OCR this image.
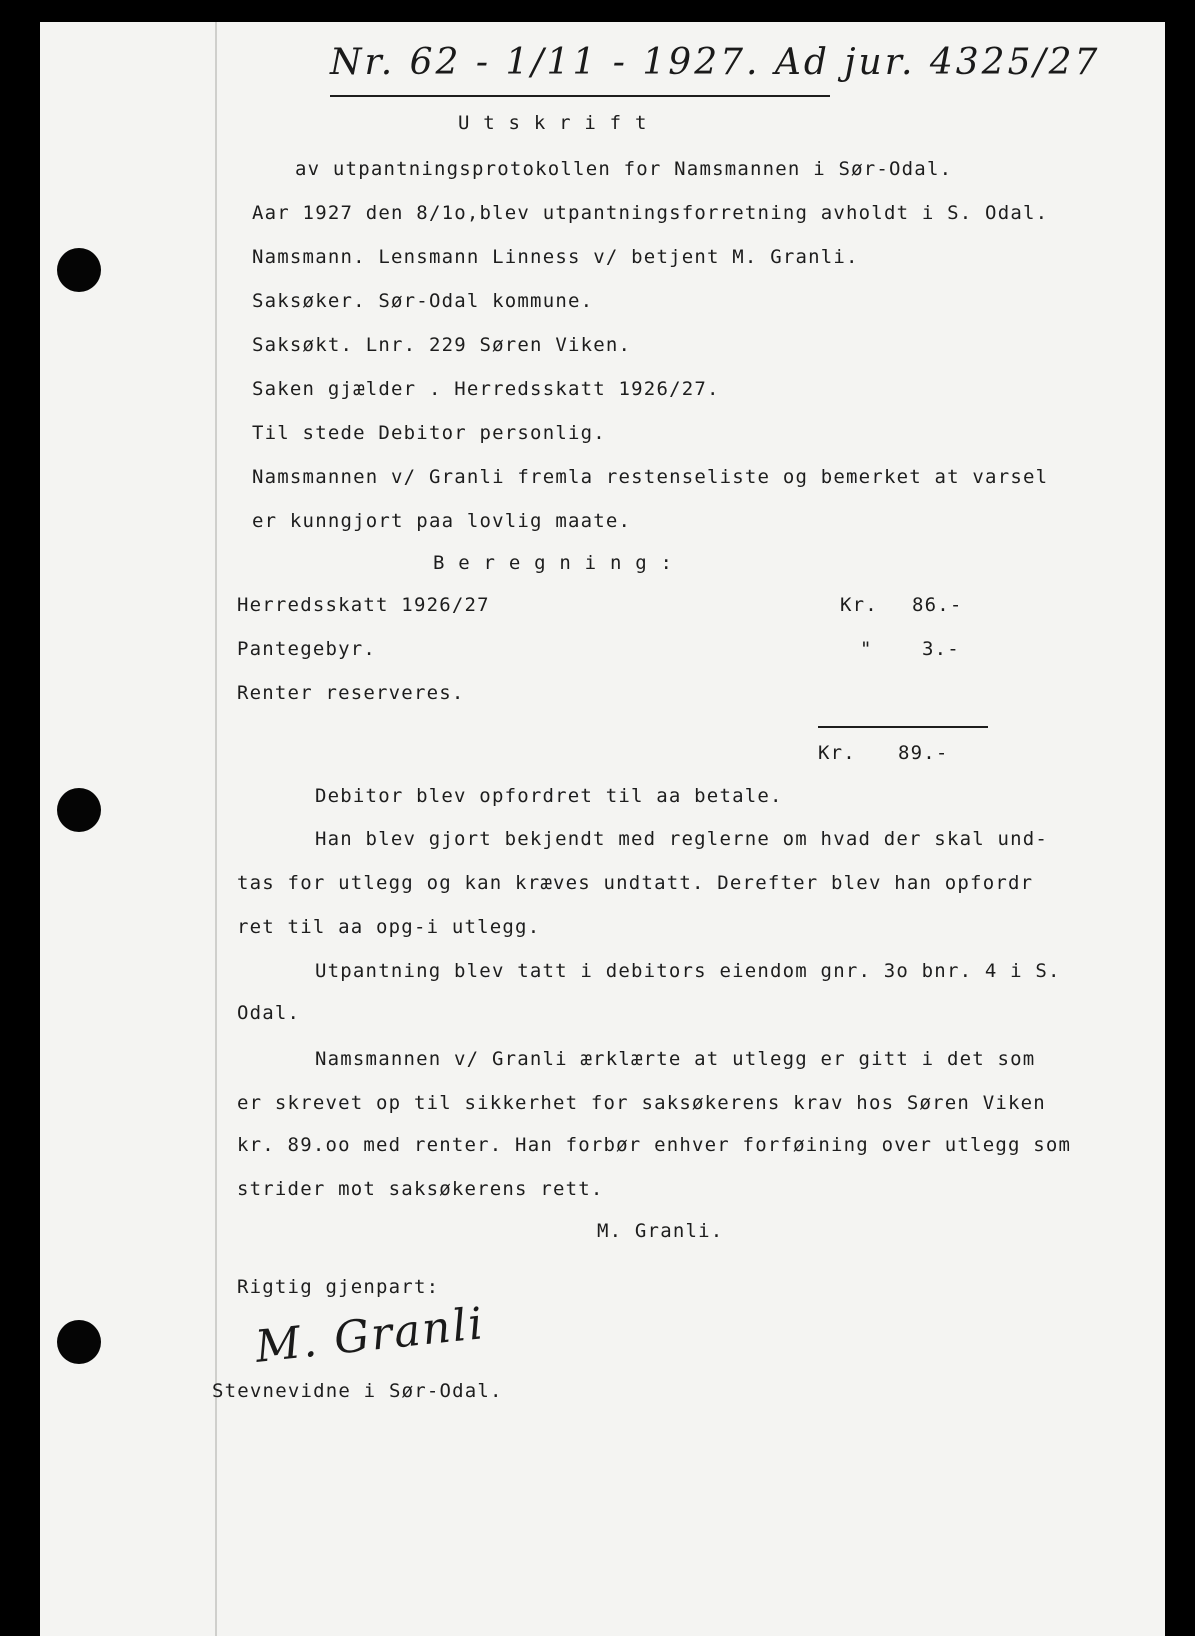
Nr. 62 - 1/11 - 1927. Ad jur. 4325/27
U t s k r i f t
av utpantningsprotokollen for Namsmannen i Sør-Odal.
Aar 1927 den 8/1o,blev utpantningsforretning avholdt i S. Odal.
Namsmann. Lensmann Linness v/ betjent M. Granli.
Saksøker. Sør-Odal kommune.
Saksøkt. Lnr. 229 Søren Viken.
Saken gjælder . Herredsskatt 1926/27.
Til stede Debitor personlig.
Namsmannen v/ Granli fremla restenseliste og bemerket at varsel
er kunngjort paa lovlig maate.
B e r e g n i n g :
Herredsskatt 1926/27	Kr. 86.-
Pantegebyr.	"	3.-
Renter reserveres.
Kr. 89.-
Debitor blev opfordret til aa betale.
Han blev gjort bekjendt med reglerne om hvad der skal und-
tas for utlegg og kan kræves undtatt. Derefter blev han opfordr
ret til aa opg-i utlegg.
Utpantning blev tatt i debitors eiendom gnr. 3o bnr. 4 i S.
Odal.
Namsmannen v/ Granli ærklærte at utlegg er gitt i det som
er skrevet op til sikkerhet for saksøkerens krav hos Søren Viken
kr. 89.oo med renter. Han forbør enhver forføining over utlegg som
strider mot saksøkerens rett.
M. Granli.
Rigtig gjenpart:
M. Granli
Stevnevidne i Sør-Odal.
